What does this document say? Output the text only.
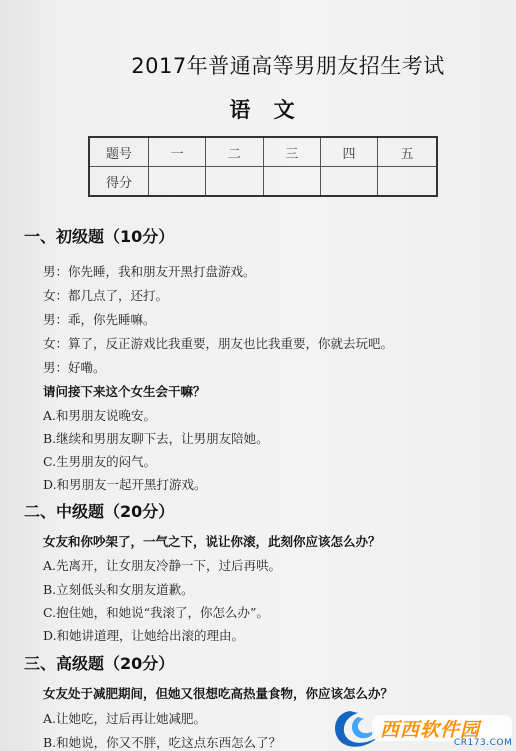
2017年普通高等男朋友招生考试
语 文
题号	一	二	三	四	五
得分					
一、初级题（10分）
男：你先睡，我和朋友开黑打盘游戏。
女：都几点了，还打。
男：乖，你先睡嘛。
女：算了，反正游戏比我重要，朋友也比我重要，你就去玩吧。
男：好嘞。
请问接下来这个女生会干嘛？
A.和男朋友说晚安。
B.继续和男朋友聊下去，让男朋友陪她。
C.生男朋友的闷气。
D.和男朋友一起开黑打游戏。
二、中级题（20分）
女友和你吵架了，一气之下，说让你滚，此刻你应该怎么办？
A.先离开，让女朋友冷静一下，过后再哄。
B.立刻低头和女朋友道歉。
C.抱住她，和她说“我滚了，你怎么办”。
D.和她讲道理，让她给出滚的理由。
三、高级题（20分）
女友处于减肥期间，但她又很想吃高热量食物，你应该怎么办？
A.让她吃，过后再让她减肥。
B.和她说，你又不胖，吃这点东西怎么了？
西西软件园
CR173.COM
